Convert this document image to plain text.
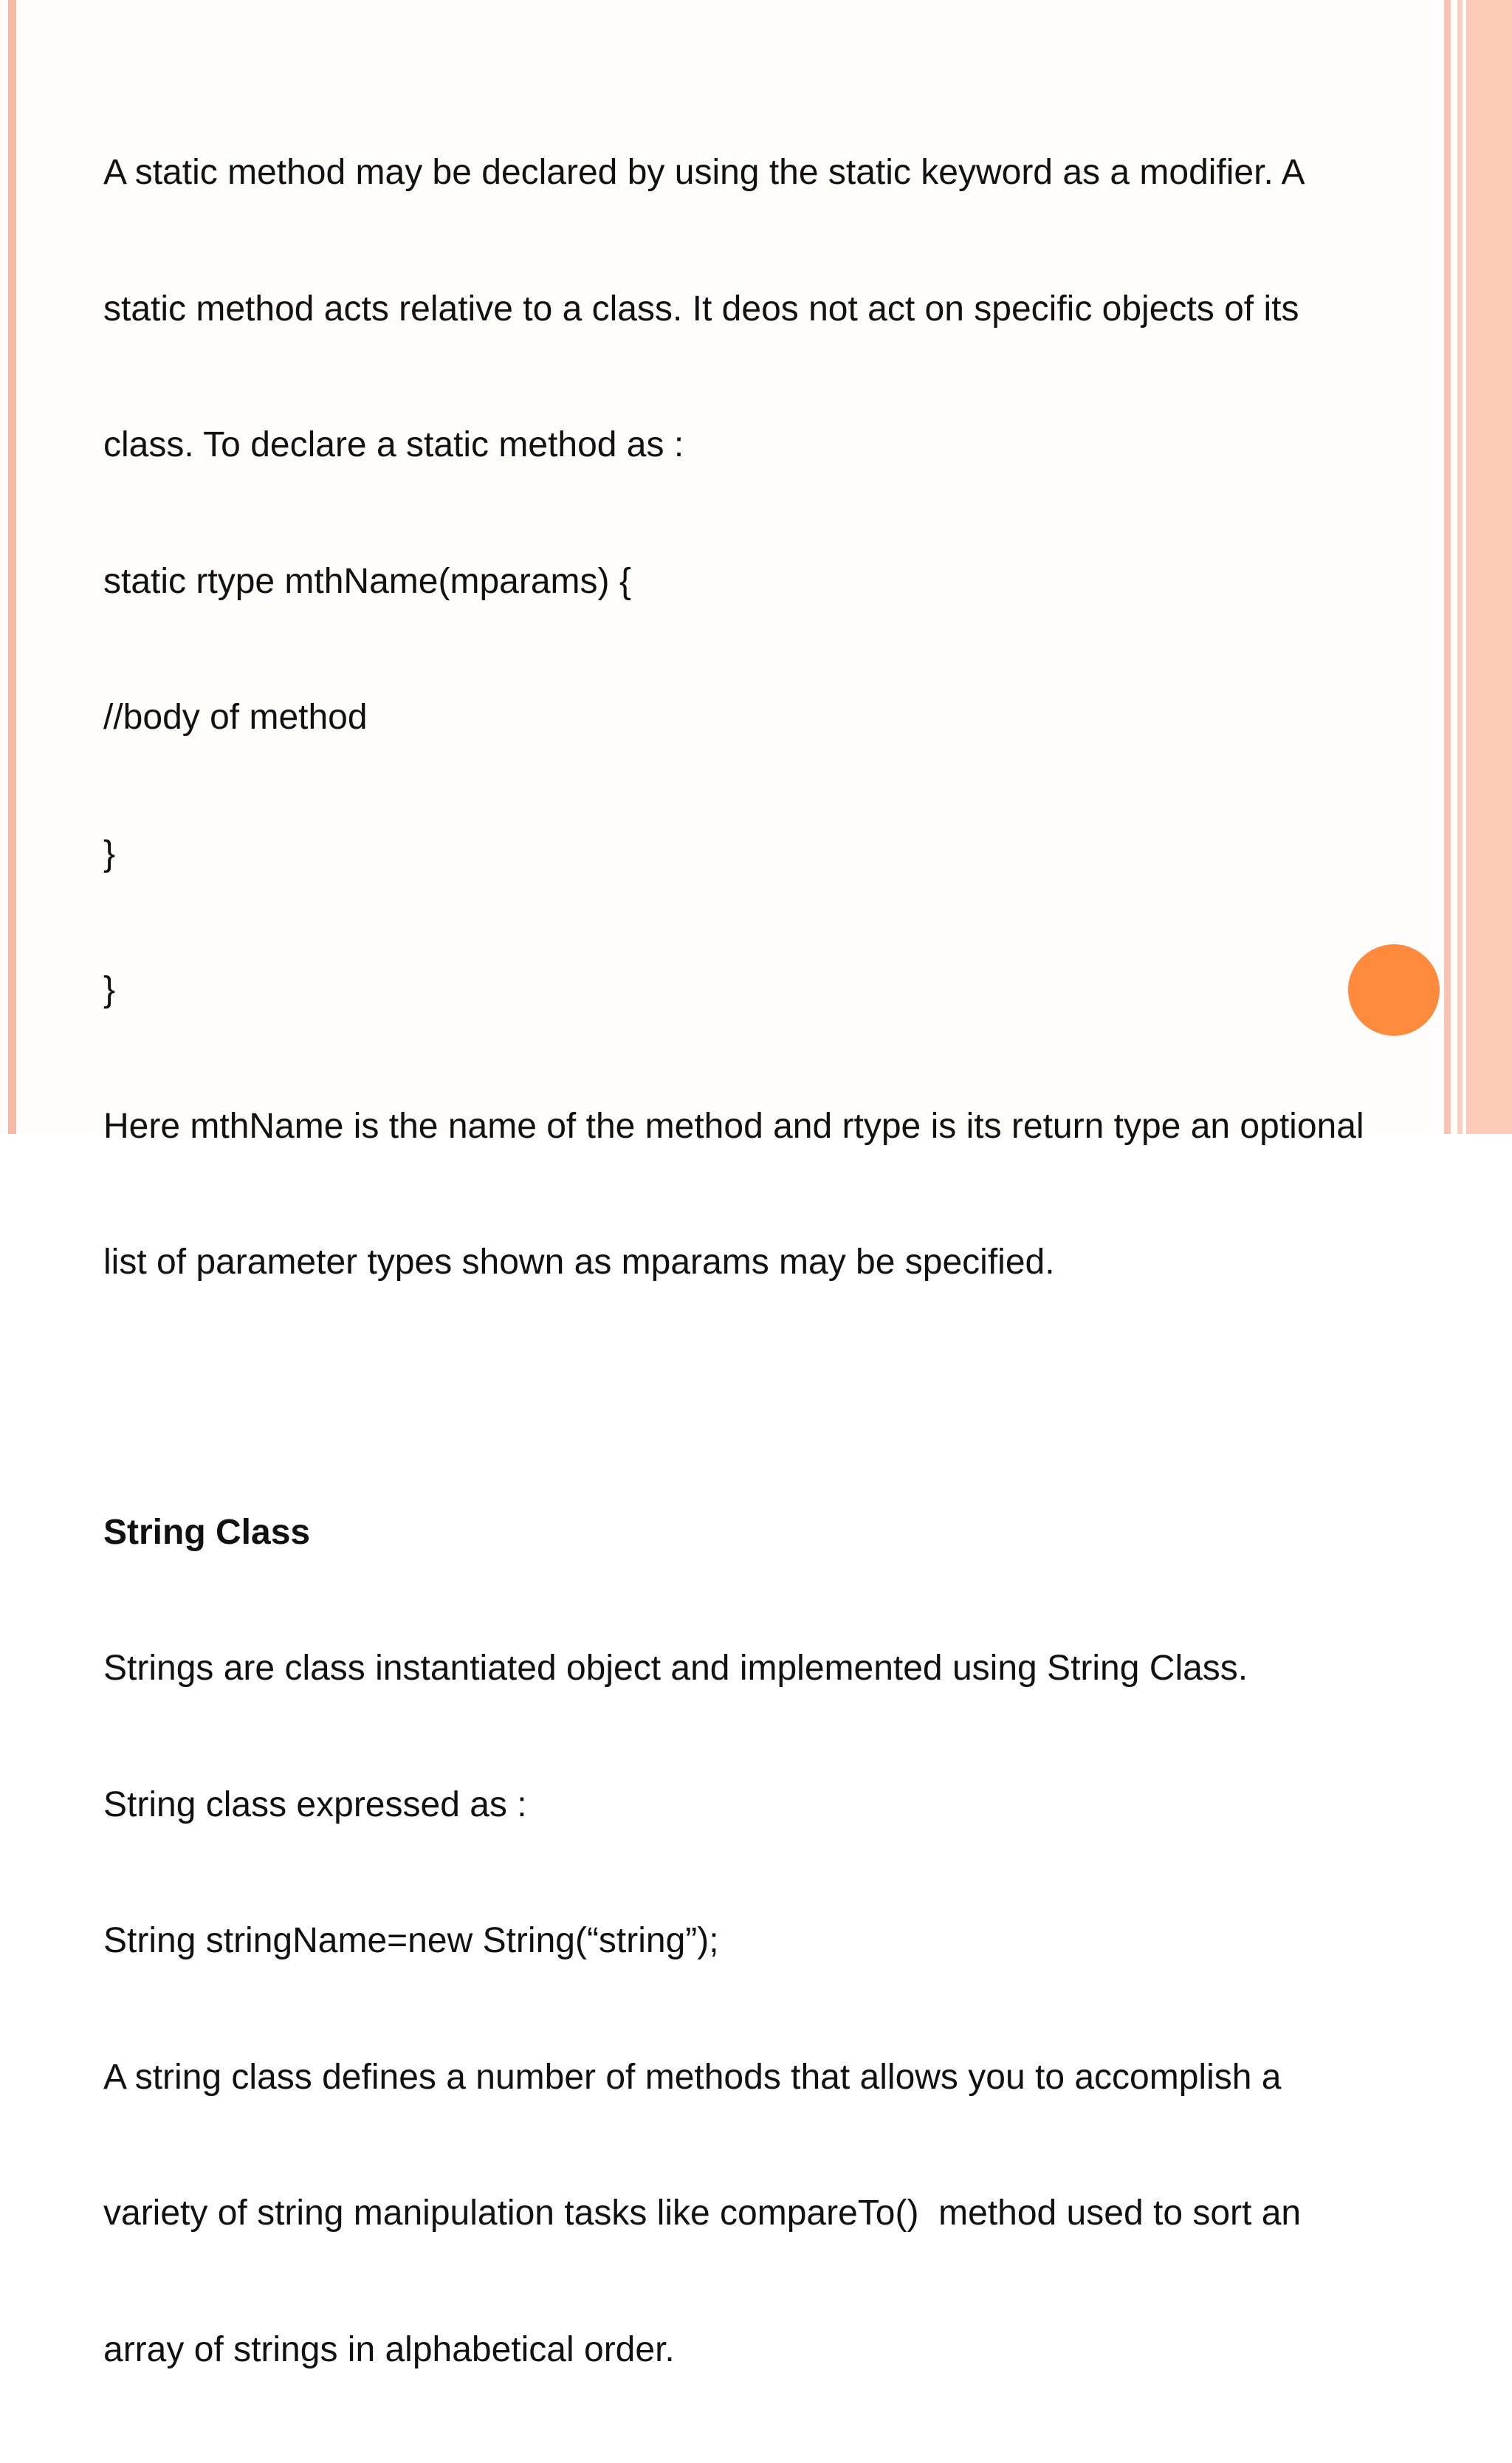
A static method may be declared by using the static keyword as a modifier. A

static method acts relative to a class. It deos not act on specific objects of its

class. To declare a static method as :

static rtype mthName(mparams) {

//body of method

}

}

Here mthName is the name of the method and rtype is its return type an optional

list of parameter types shown as mparams may be specified.

String Class

Strings are class instantiated object and implemented using String Class.

String class expressed as :

String stringName=new String(“string”);

A string class defines a number of methods that allows you to accomplish a

variety of string manipulation tasks like compareTo()  method used to sort an

array of strings in alphabetical order.
